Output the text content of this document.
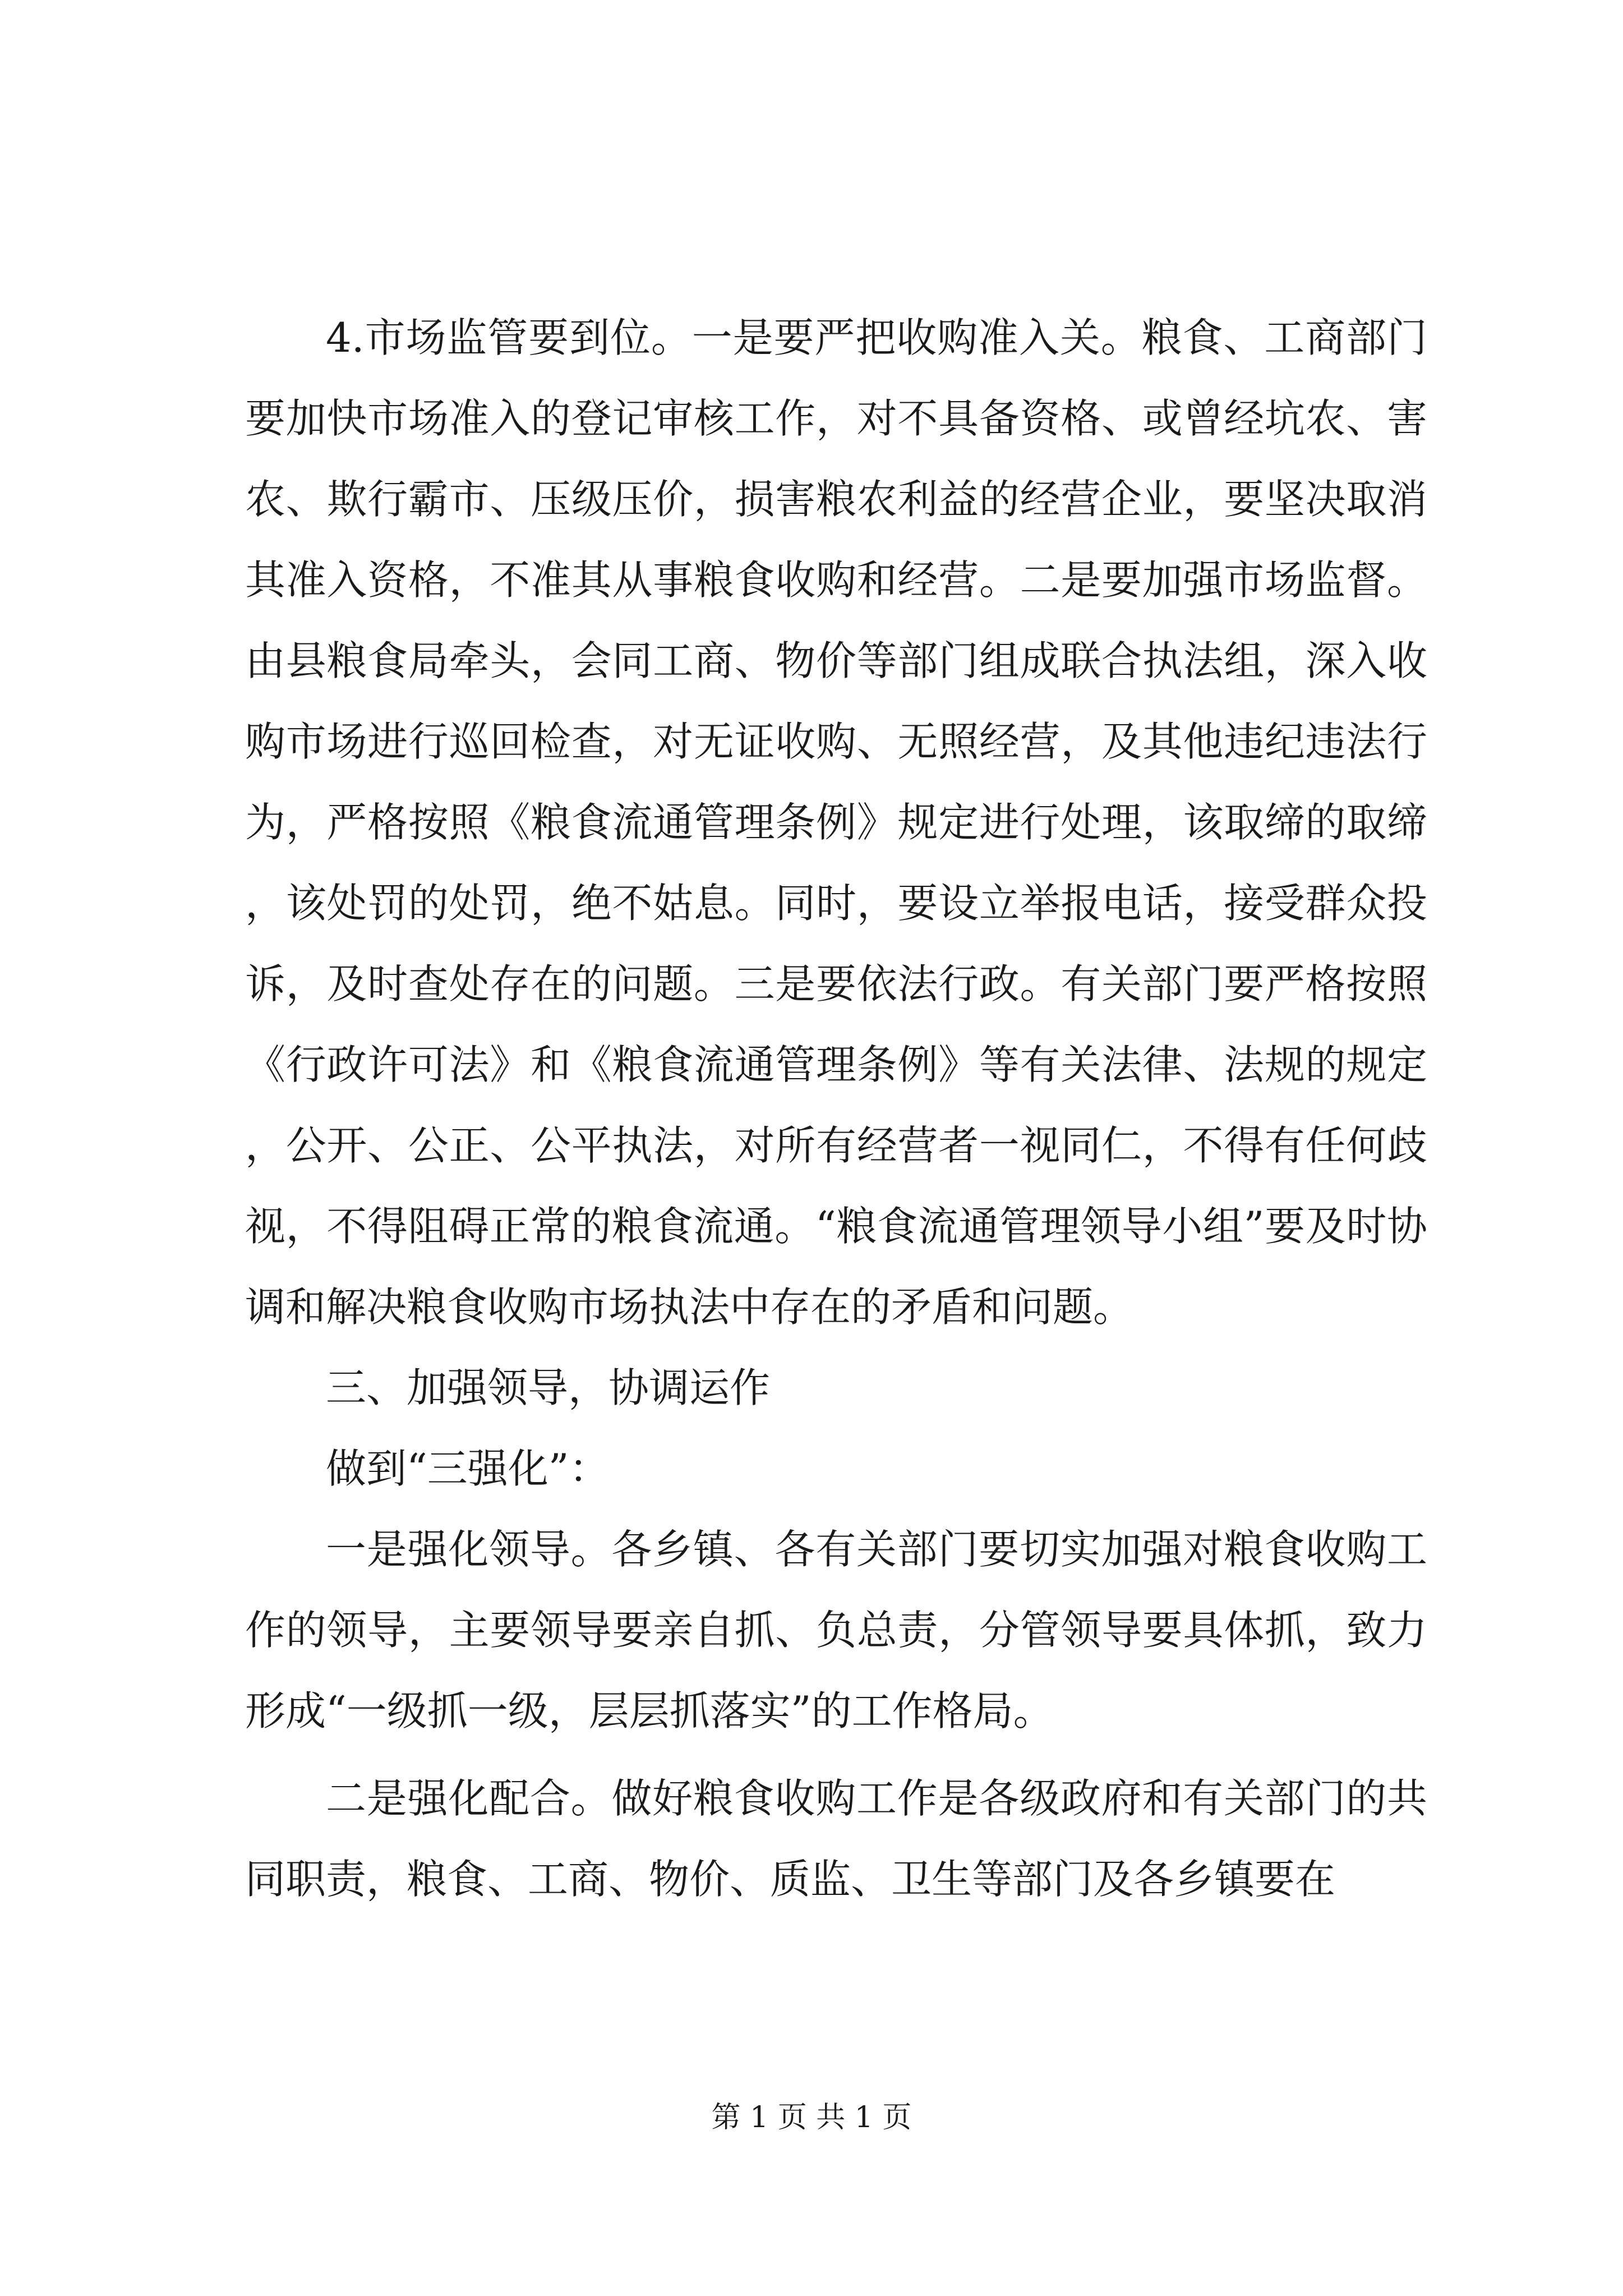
4.市场监管要到位。一是要严把收购准入关。粮食、工商部门要加快市场准入的登记审核工作，对不具备资格、或曾经坑农、害农、欺行霸市、压级压价，损害粮农利益的经营企业，要坚决取消其准入资格，不准其从事粮食收购和经营。二是要加强市场监督。由县粮食局牵头，会同工商、物价等部门组成联合执法组，深入收购市场进行巡回检查，对无证收购、无照经营，及其他违纪违法行为，严格按照《粮食流通管理条例》规定进行处理，该取缔的取缔，该处罚的处罚，绝不姑息。同时，要设立举报电话，接受群众投诉，及时查处存在的问题。三是要依法行政。有关部门要严格按照《行政许可法》和《粮食流通管理条例》等有关法律、法规的规定，公开、公正、公平执法，对所有经营者一视同仁，不得有任何歧视，不得阻碍正常的粮食流通。“粮食流通管理领导小组”要及时协调和解决粮食收购市场执法中存在的矛盾和问题。

三、加强领导，协调运作

做到“三强化”：

一是强化领导。各乡镇、各有关部门要切实加强对粮食收购工作的领导，主要领导要亲自抓、负总责，分管领导要具体抓，致力形成“一级抓一级，层层抓落实”的工作格局。

二是强化配合。做好粮食收购工作是各级政府和有关部门的共同职责，粮食、工商、物价、质监、卫生等部门及各乡镇要在

第 1 页 共 1 页
